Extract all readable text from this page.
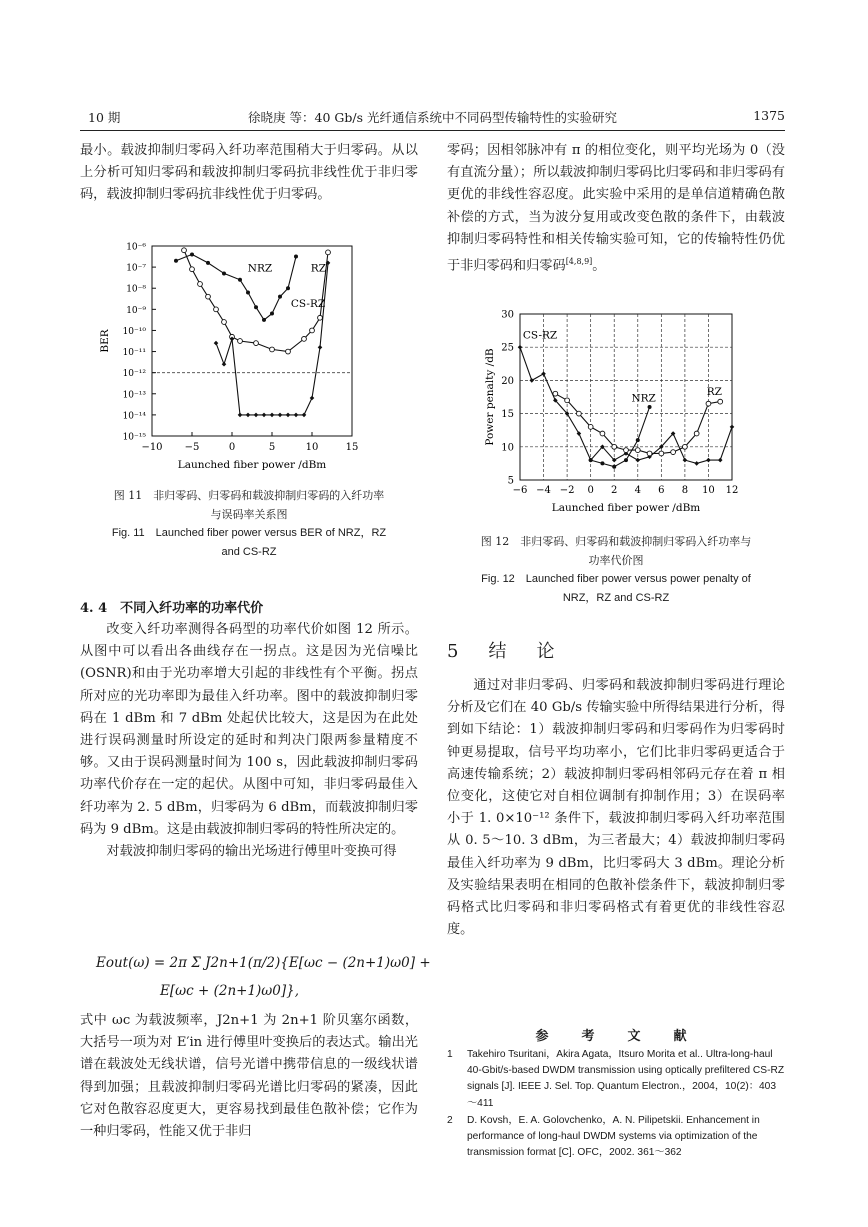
10 期	徐晓庚 等：40 Gb/s 光纤通信系统中不同码型传输特性的实验研究	1375

最小。载波抑制归零码入纤功率范围稍大于归零码。从以上分析可知归零码和载波抑制归零码抗非线性优于非归零码，载波抑制归零码抗非线性优于归零码。

−10 −5	0	5	10	15
10⁻⁶
10⁻⁷
10⁻⁸
10⁻⁹
10⁻¹⁰
10⁻¹¹
10⁻¹²
10⁻¹³
10⁻¹⁴
10⁻¹⁵
Launched fiber power /dBm
BER
NRZ	RZ
CS-RZ
图 11　非归零码、归零码和载波抑制归零码的入纤功率
与误码率关系图
Fig. 11　Launched fiber power versus BER of NRZ，RZ
and CS-RZ
4. 4　不同入纤功率的功率代价

改变入纤功率测得各码型的功率代价如图 12 所示。从图中可以看出各曲线存在一拐点。这是因为光信噪比(OSNR)和由于光功率增大引起的非线性有个平衡。拐点所对应的光功率即为最佳入纤功率。图中的载波抑制归零码在 1 dBm 和 7 dBm 处起伏比较大，这是因为在此处进行误码测量时所设定的延时和判决门限两参量精度不够。又由于误码测量时间为 100 s，因此载波抑制归零码功率代价存在一定的起伏。从图中可知，非归零码最佳入纤功率为 2. 5 dBm，归零码为 6 dBm，而载波抑制归零码为 9 dBm。这是由载波抑制归零码的特性所决定的。

对载波抑制归零码的输出光场进行傅里叶变换可得

Eout(ω) = 2π Σ J2n+1(π/2){E[ωc − (2n+1)ω0] +
E[ωc + (2n+1)ω0]},

式中 ωc 为载波频率，J2n+1 为 2n+1 阶贝塞尔函数，大括号一项为对 E′in 进行傅里叶变换后的表达式。输出光谱在载波处无线状谱，信号光谱中携带信息的一级线状谱得到加强；且载波抑制归零码光谱比归零码的紧凑，因此它对色散容忍度更大，更容易找到最佳色散补偿；它作为一种归零码，性能又优于非归

零码；因相邻脉冲有 π 的相位变化，则平均光场为 0（没有直流分量）；所以载波抑制归零码比归零码和非归零码有更优的非线性容忍度。此实验中采用的是单信道精确色散补偿的方式，当为波分复用或改变色散的条件下，由载波抑制归零码特性和相关传输实验可知，它的传输特性仍优于非归零码和归零码[4,8,9]。

−6 −4 −2 0 2 4 6 8 10 12
5
10
15
20
25
30
Launched fiber power /dBm
Power penalty /dB
CS-RZ
NRZ
RZ
图 12　非归零码、归零码和载波抑制归零码入纤功率与
功率代价图
Fig. 12　Launched fiber power versus power penalty of
NRZ，RZ and CS-RZ
5　结　论

通过对非归零码、归零码和载波抑制归零码进行理论分析及它们在 40 Gb/s 传输实验中所得结果进行分析，得到如下结论：1）载波抑制归零码和归零码作为归零码时钟更易提取，信号平均功率小，它们比非归零码更适合于高速传输系统；2）载波抑制归零码相邻码元存在着 π 相位变化，这使它对自相位调制有抑制作用；3）在误码率小于 1. 0×10⁻¹² 条件下，载波抑制归零码入纤功率范围从 0. 5～10. 3 dBm，为三者最大；4）载波抑制归零码最佳入纤功率为 9 dBm，比归零码大 3 dBm。理论分析及实验结果表明在相同的色散补偿条件下，载波抑制归零码格式比归零码和非归零码格式有着更优的非线性容忍度。

参　考　文　献
1 Takehiro Tsuritani，Akira Agata，Itsuro Morita et al.. Ultra-long-haul 40-Gbit/s-based DWDM transmission using optically prefiltered CS-RZ signals [J]. IEEE J. Sel. Top. Quantum Electron.，2004，10(2)：403～411
2 D. Kovsh，E. A. Golovchenko，A. N. Pilipetskii. Enhancement in performance of long-haul DWDM systems via optimization of the transmission format [C]. OFC，2002. 361～362
